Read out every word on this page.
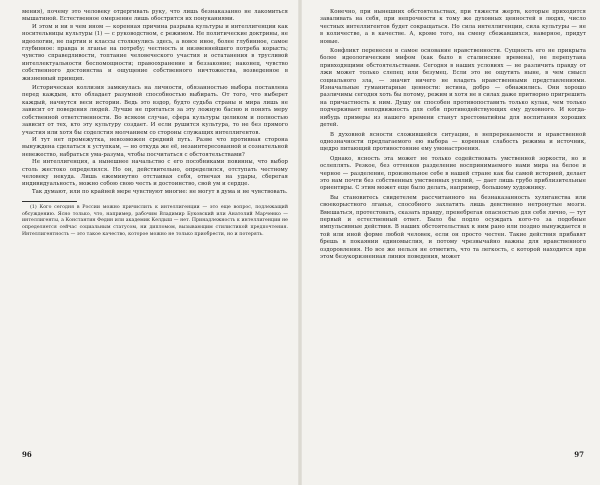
мения), почему это человеку отдергивать руку, что лишь безнаказанно не лакомиться мышатиной. Естественное омерзение лишь обострится их понуканиями.

И этом и ни в чем ином — коренная причина разрыва культуры и интеллигенции как носительницы культуры (1) — с руководством, с режимом. Не политические доктрины, не идеологии, не партии и классы столкнулись здесь, а вовсе иное, более глубинное, самое глубинное: правда и лганье на потребу; честность и низменнейшего потреба корысть; чувство справедливости, топтание человеческого участия и остатанения в трусливой интеллектуальности беспомощности; правоохранение и беззаконие; наконец, чувство собственного достоинства и ощущение собственного ничтожества, возведенное в жизненный принцип.

Историческая коллизия замкнулась на личности, обязанностью выбора поставлена перед каждым, кто обладает разумной способностью выбирать. От того, что выберет каждый, начнутся веси истории. Ведь это вздор, будто судьба страны и мира лишь не зависит от поведения людей. Лучше не прятаться за эту ложную басню и понять меру собственной ответственности. Во всяком случае, сфера культуры целиком и полностью зависит от тех, кто эту культуру создает. И если рушится культура, то не без прямого участия или хотя бы соделстия молчанием со стороны служащих интеллигентов.

И тут нет промежутка, невозможен средний путь. Разве что противная сторона вынуждена сделаться к уступкам, — но откуда же её, незаинтересованной и сознательной невежество, набраться ума-разума, чтобы посчитаться с обстоятельствами?

Не интеллигенция, а нынешнее начальство с его пособниками повинны, что выбор столь жестоко определился. Но он, действительно, определился, отступать честному человеку некуда. Лишь ежеминутно отстаивая себя, отвечая на удары, сберегая индивидуальность, можно собою свою честь и достоинство, свой ум и сердце.

Так думают, или по крайней мере чувствуют многие: не могут в дума и не чувствовать.

(1) Кого сегодня в России можно причислить к интеллигенции — это еще вопрос, подлежащий обсуждению. Ясно только, что, например, рабочим Владимир Буковский или Анатолий Марченко — интеллигенты, а Константин Федин или академик Келдыш — нет. Принадлежность к интеллигенции не определяется сейчас социальным статусом, ни дипломом, вызывающим стилистикой предпочтения. Интеллигентность — это такое качество, которое можно не только приобрести, но и потерять.

96

Конечно, при нынешних обстоятельствах, при тяжести жертв, которые приходится заваливать на себя, при непрочности к тому же духовных ценностей в людях, число честных интеллигентов будет сокращаться. Но сила интеллигенции, сила культуры — не в количестве, а в качестве. А, кроме того, на смену сбежавшихся, наверное, придут новые.

Конфликт перенесен в самое основание нравственности. Сущность его не прикрыта более идеологическим мифом (как было в сталинские времена), не перепутана привходящими обстоятельствами. Сегодня в наших условиях — не различить правду от лжи может только слепец или безумец. Если это не ощутить ныне, в чем смысл социального зла, — значит ничего не владеть нравственными представлениями. Изначальные гуманитарные ценности: истина, добро — обнажились. Они хорошо различимы сегодня хоть бы потому, режим и хотя не в силах даже притворно пригрешить на причастность к ним. Душу он способен противопоставить только кулак, чем только подчеркивает неподвижность для себя противодействующих ему духовного. И когда-нибудь примеры из нашего времени станут хрестоматийны для воспитания хороших детей.

В духовной ясности сложившейся ситуации, в непререкаемости и нравственной однозначности предлагаемого ею выбора — коренная слабость режима и источник, щедро питающий противостояние ему умонастроения.

Однако, ясность эта может не только содействовать умственной зоркости, но и ослеплять. Резкое, без оттенков разделение воспринимаемого нами мира на белое и черное — разделение, произвольное себе в нашей стране как бы самой историей, делает это нам почти без собственных умственных усилий, — дает лишь грубо приблизительные ориентиры. С этим может еще было делать, например, большому художнику.

Вы становитесь свидетелем рассчитанного на безнаказанность хулиганства или своекорыстного лганья, способного захлатить лишь девственно нетронутые мозги. Вмешаться, протестовать, сказать правду, пренебрегая опасностью для себя лично, — тут первый и естественный ответ. Было бы подло осуждать кого-то за подобные импульсивные действия. В наших обстоятельствах к ним рано или поздно вынуждается в той или иной форме любой человек, если он просто честен. Такие действия прибавят брешь в покаянии единомыслия, и потому чрезвычайно важны для нравственного оздоровления. Но все же нельзя не отметить, что та легкость, с которой находится при этом безукоризненная линия поведения, может

97
